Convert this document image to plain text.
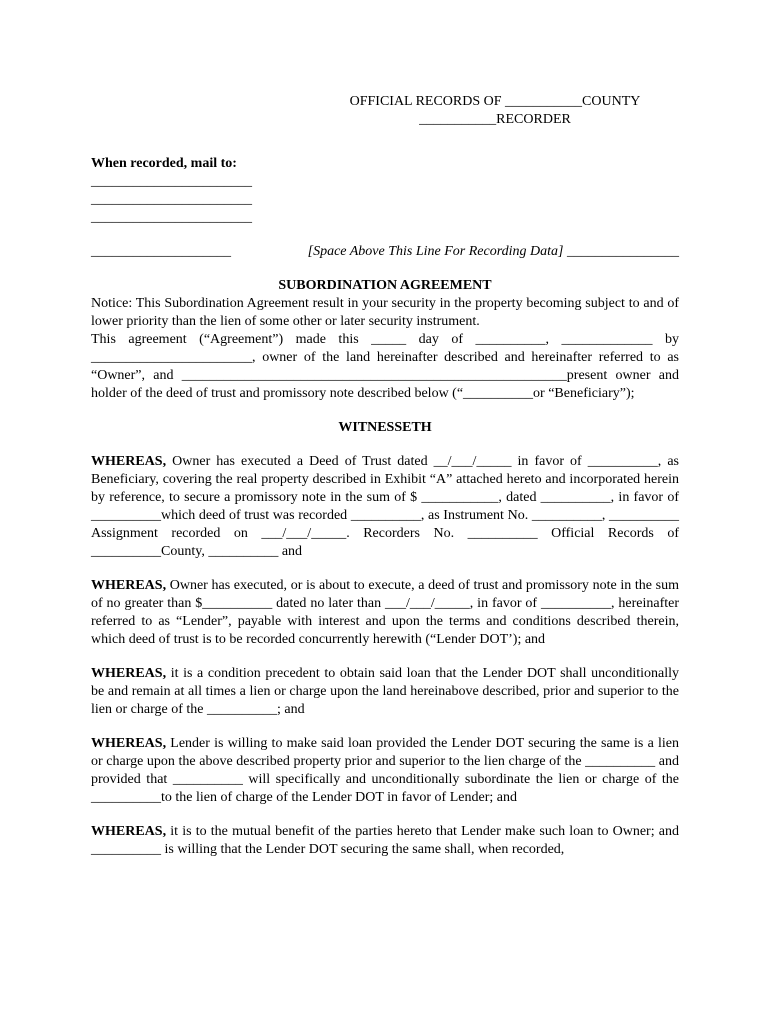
OFFICIAL RECORDS OF ___________COUNTY
___________RECORDER
When recorded, mail to:
_______________________
_______________________
_______________________
____________________	[Space Above This Line For Recording Data] ________________
SUBORDINATION AGREEMENT

Notice: This Subordination Agreement result in your security in the property becoming subject to and of lower priority than the lien of some other or later security instrument.

This agreement (“Agreement”) made this _____ day of __________, _____________ by _______________________, owner of the land hereinafter described and hereinafter referred to as “Owner”, and _______________________________________________________present owner and holder of the deed of trust and promissory note described below (“__________or “Beneficiary”);

WITNESSETH

WHEREAS, Owner has executed a Deed of Trust dated __/___/_____ in favor of __________, as Beneficiary, covering the real property described in Exhibit “A” attached hereto and incorporated herein by reference, to secure a promissory note in the sum of $ ___________, dated __________, in favor of __________which deed of trust was recorded __________, as Instrument No. __________, __________ Assignment recorded on ___/___/_____. Recorders No. __________ Official Records of __________County, __________ and

WHEREAS, Owner has executed, or is about to execute, a deed of trust and promissory note in the sum of no greater than $__________ dated no later than ___/___/_____, in favor of __________, hereinafter referred to as “Lender”, payable with interest and upon the terms and conditions described therein, which deed of trust is to be recorded concurrently herewith (“Lender DOT’); and

WHEREAS, it is a condition precedent to obtain said loan that the Lender DOT shall unconditionally be and remain at all times a lien or charge upon the land hereinabove described, prior and superior to the lien or charge of the __________; and

WHEREAS, Lender is willing to make said loan provided the Lender DOT securing the same is a lien or charge upon the above described property prior and superior to the lien charge of the __________ and provided that __________ will specifically and unconditionally subordinate the lien or charge of the __________to the lien of charge of the Lender DOT in favor of Lender; and

WHEREAS, it is to the mutual benefit of the parties hereto that Lender make such loan to Owner; and __________ is willing that the Lender DOT securing the same shall, when recorded,
